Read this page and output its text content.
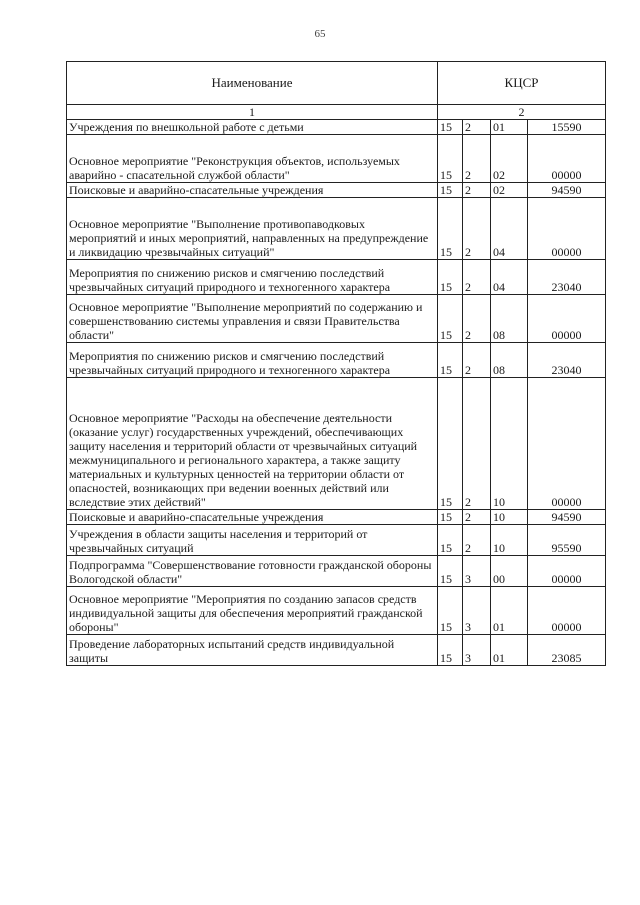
65
Наименование	КЦСР			
1	2			
Учреждения по внешкольной работе с детьми	15	2	01	15590
Основное мероприятие "Реконструкция объектов, используемых аварийно - спасательной службой области"	15	2	02	00000
Поисковые и аварийно-спасательные учреждения	15	2	02	94590
Основное мероприятие "Выполнение противопаводковых мероприятий и иных мероприятий, направленных на предупреждение и ликвидацию чрезвычайных ситуаций"	15	2	04	00000
Мероприятия по снижению рисков и смягчению последствий чрезвычайных ситуаций природного и техногенного характера	15	2	04	23040
Основное мероприятие "Выполнение мероприятий по содержанию и совершенствованию системы управления и связи Правительства области"	15	2	08	00000
Мероприятия по снижению рисков и смягчению последствий чрезвычайных ситуаций природного и техногенного характера	15	2	08	23040
Основное мероприятие "Расходы на обеспечение деятельности (оказание услуг) государственных учреждений, обеспечивающих защиту населения и территорий области от чрезвычайных ситуаций межмуниципального и регионального характера, а также защиту материальных и культурных ценностей на территории области от опасностей, возникающих при ведении военных действий или вследствие этих действий"	15	2	10	00000
Поисковые и аварийно-спасательные учреждения	15	2	10	94590
Учреждения в области защиты населения и территорий от чрезвычайных ситуаций	15	2	10	95590
Подпрограмма "Совершенствование готовности гражданской обороны Вологодской области"	15	3	00	00000
Основное мероприятие "Мероприятия по созданию запасов средств индивидуальной защиты для обеспечения мероприятий гражданской обороны"	15	3	01	00000
Проведение лабораторных испытаний средств индивидуальной защиты	15	3	01	23085
